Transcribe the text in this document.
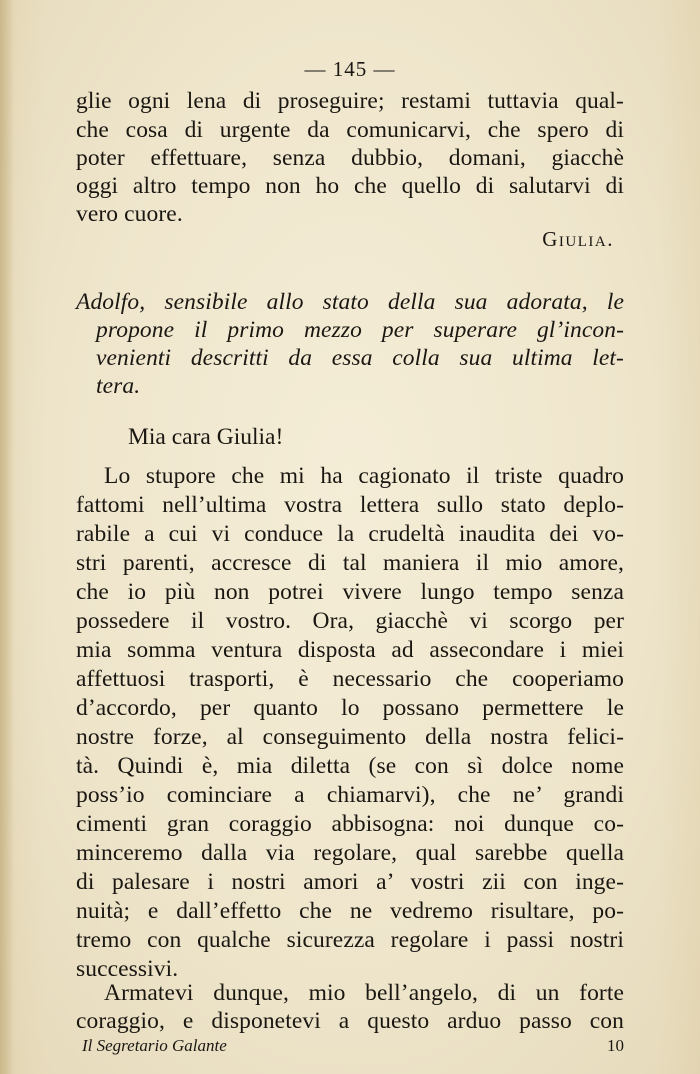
— 145 —
glie ogni lena di proseguire; restami tuttavia qual-
che cosa di urgente da comunicarvi, che spero di
poter effettuare, senza dubbio, domani, giacchè
oggi altro tempo non ho che quello di salutarvi di
vero cuore.
Giulia.
Adolfo, sensibile allo stato della sua adorata, le
propone il primo mezzo per superare gl’incon-
venienti descritti da essa colla sua ultima let-
tera.
Mia cara Giulia!
Lo stupore che mi ha cagionato il triste quadro
fattomi nell’ultima vostra lettera sullo stato deplo-
rabile a cui vi conduce la crudeltà inaudita dei vo-
stri parenti, accresce di tal maniera il mio amore,
che io più non potrei vivere lungo tempo senza
possedere il vostro. Ora, giacchè vi scorgo per
mia somma ventura disposta ad assecondare i miei
affettuosi trasporti, è necessario che cooperiamo
d’accordo, per quanto lo possano permettere le
nostre forze, al conseguimento della nostra felici-
tà. Quindi è, mia diletta (se con sì dolce nome
poss’io cominciare a chiamarvi), che ne’ grandi
cimenti gran coraggio abbisogna: noi dunque co-
minceremo dalla via regolare, qual sarebbe quella
di palesare i nostri amori a’ vostri zii con inge-
nuità; e dall’effetto che ne vedremo risultare, po-
tremo con qualche sicurezza regolare i passi nostri
successivi.
Armatevi dunque, mio bell’angelo, di un forte
coraggio, e disponetevi a questo arduo passo con
Il Segretario Galante	10
